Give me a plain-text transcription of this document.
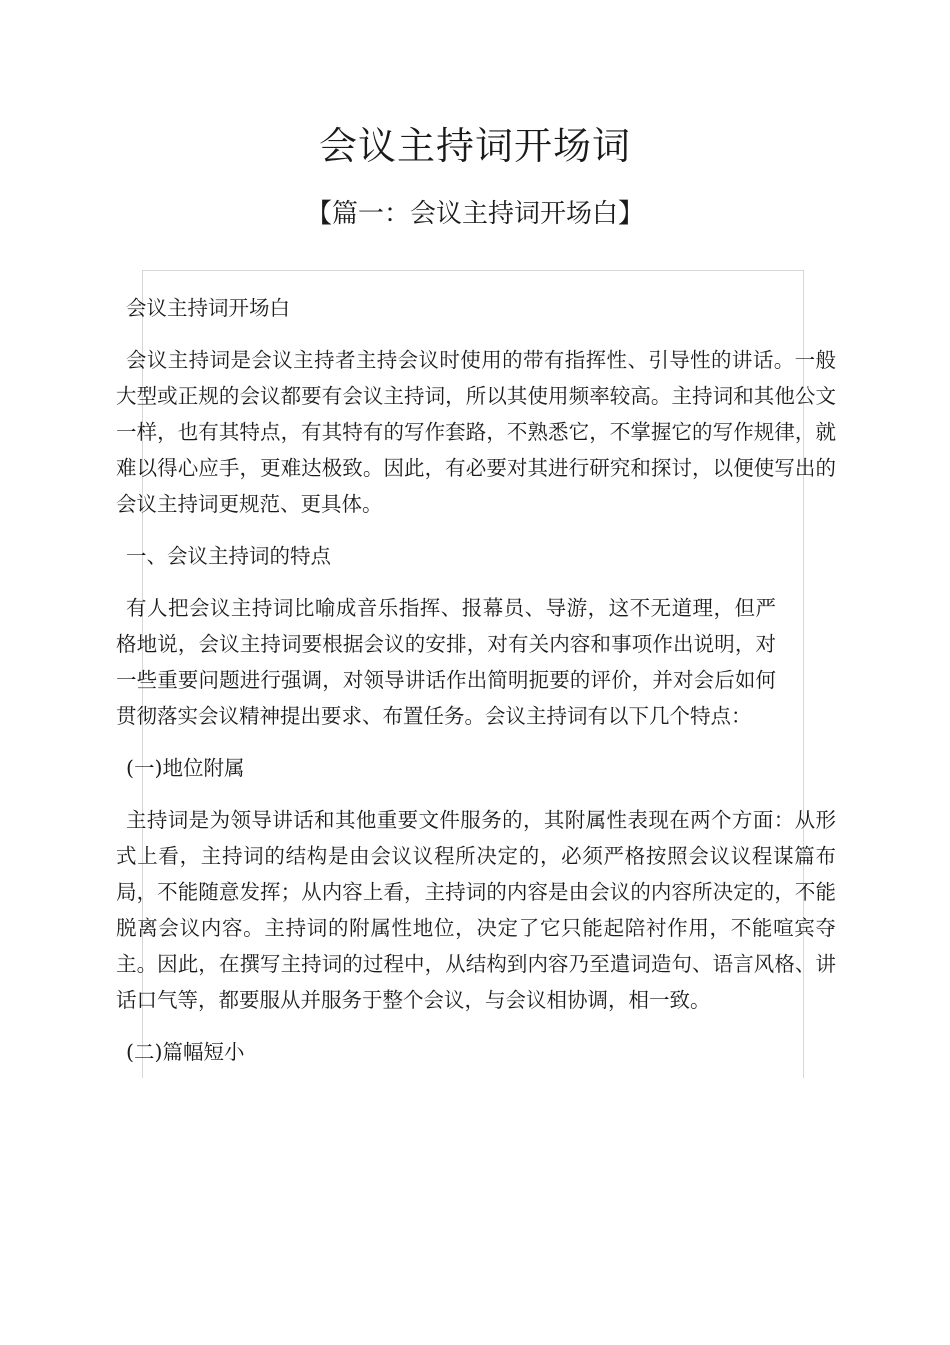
会议主持词开场词
【篇一：会议主持词开场白】

会议主持词开场白

会议主持词是会议主持者主持会议时使用的带有指挥性、引导性的讲话。一般大型或正规的会议都要有会议主持词，所以其使用频率较高。主持词和其他公文一样，也有其特点，有其特有的写作套路，不熟悉它，不掌握它的写作规律，就难以得心应手，更难达极致。因此，有必要对其进行研究和探讨，以便使写出的会议主持词更规范、更具体。

一、会议主持词的特点

有人把会议主持词比喻成音乐指挥、报幕员、导游，这不无道理，但严格地说，会议主持词要根据会议的安排，对有关内容和事项作出说明，对一些重要问题进行强调，对领导讲话作出简明扼要的评价，并对会后如何贯彻落实会议精神提出要求、布置任务。会议主持词有以下几个特点：

(一)地位附属

主持词是为领导讲话和其他重要文件服务的，其附属性表现在两个方面：从形式上看，主持词的结构是由会议议程所决定的，必须严格按照会议议程谋篇布局，不能随意发挥；从内容上看，主持词的内容是由会议的内容所决定的，不能脱离会议内容。主持词的附属性地位，决定了它只能起陪衬作用，不能喧宾夺主。因此，在撰写主持词的过程中，从结构到内容乃至遣词造句、语言风格、讲话口气等，都要服从并服务于整个会议，与会议相协调，相一致。

(二)篇幅短小
